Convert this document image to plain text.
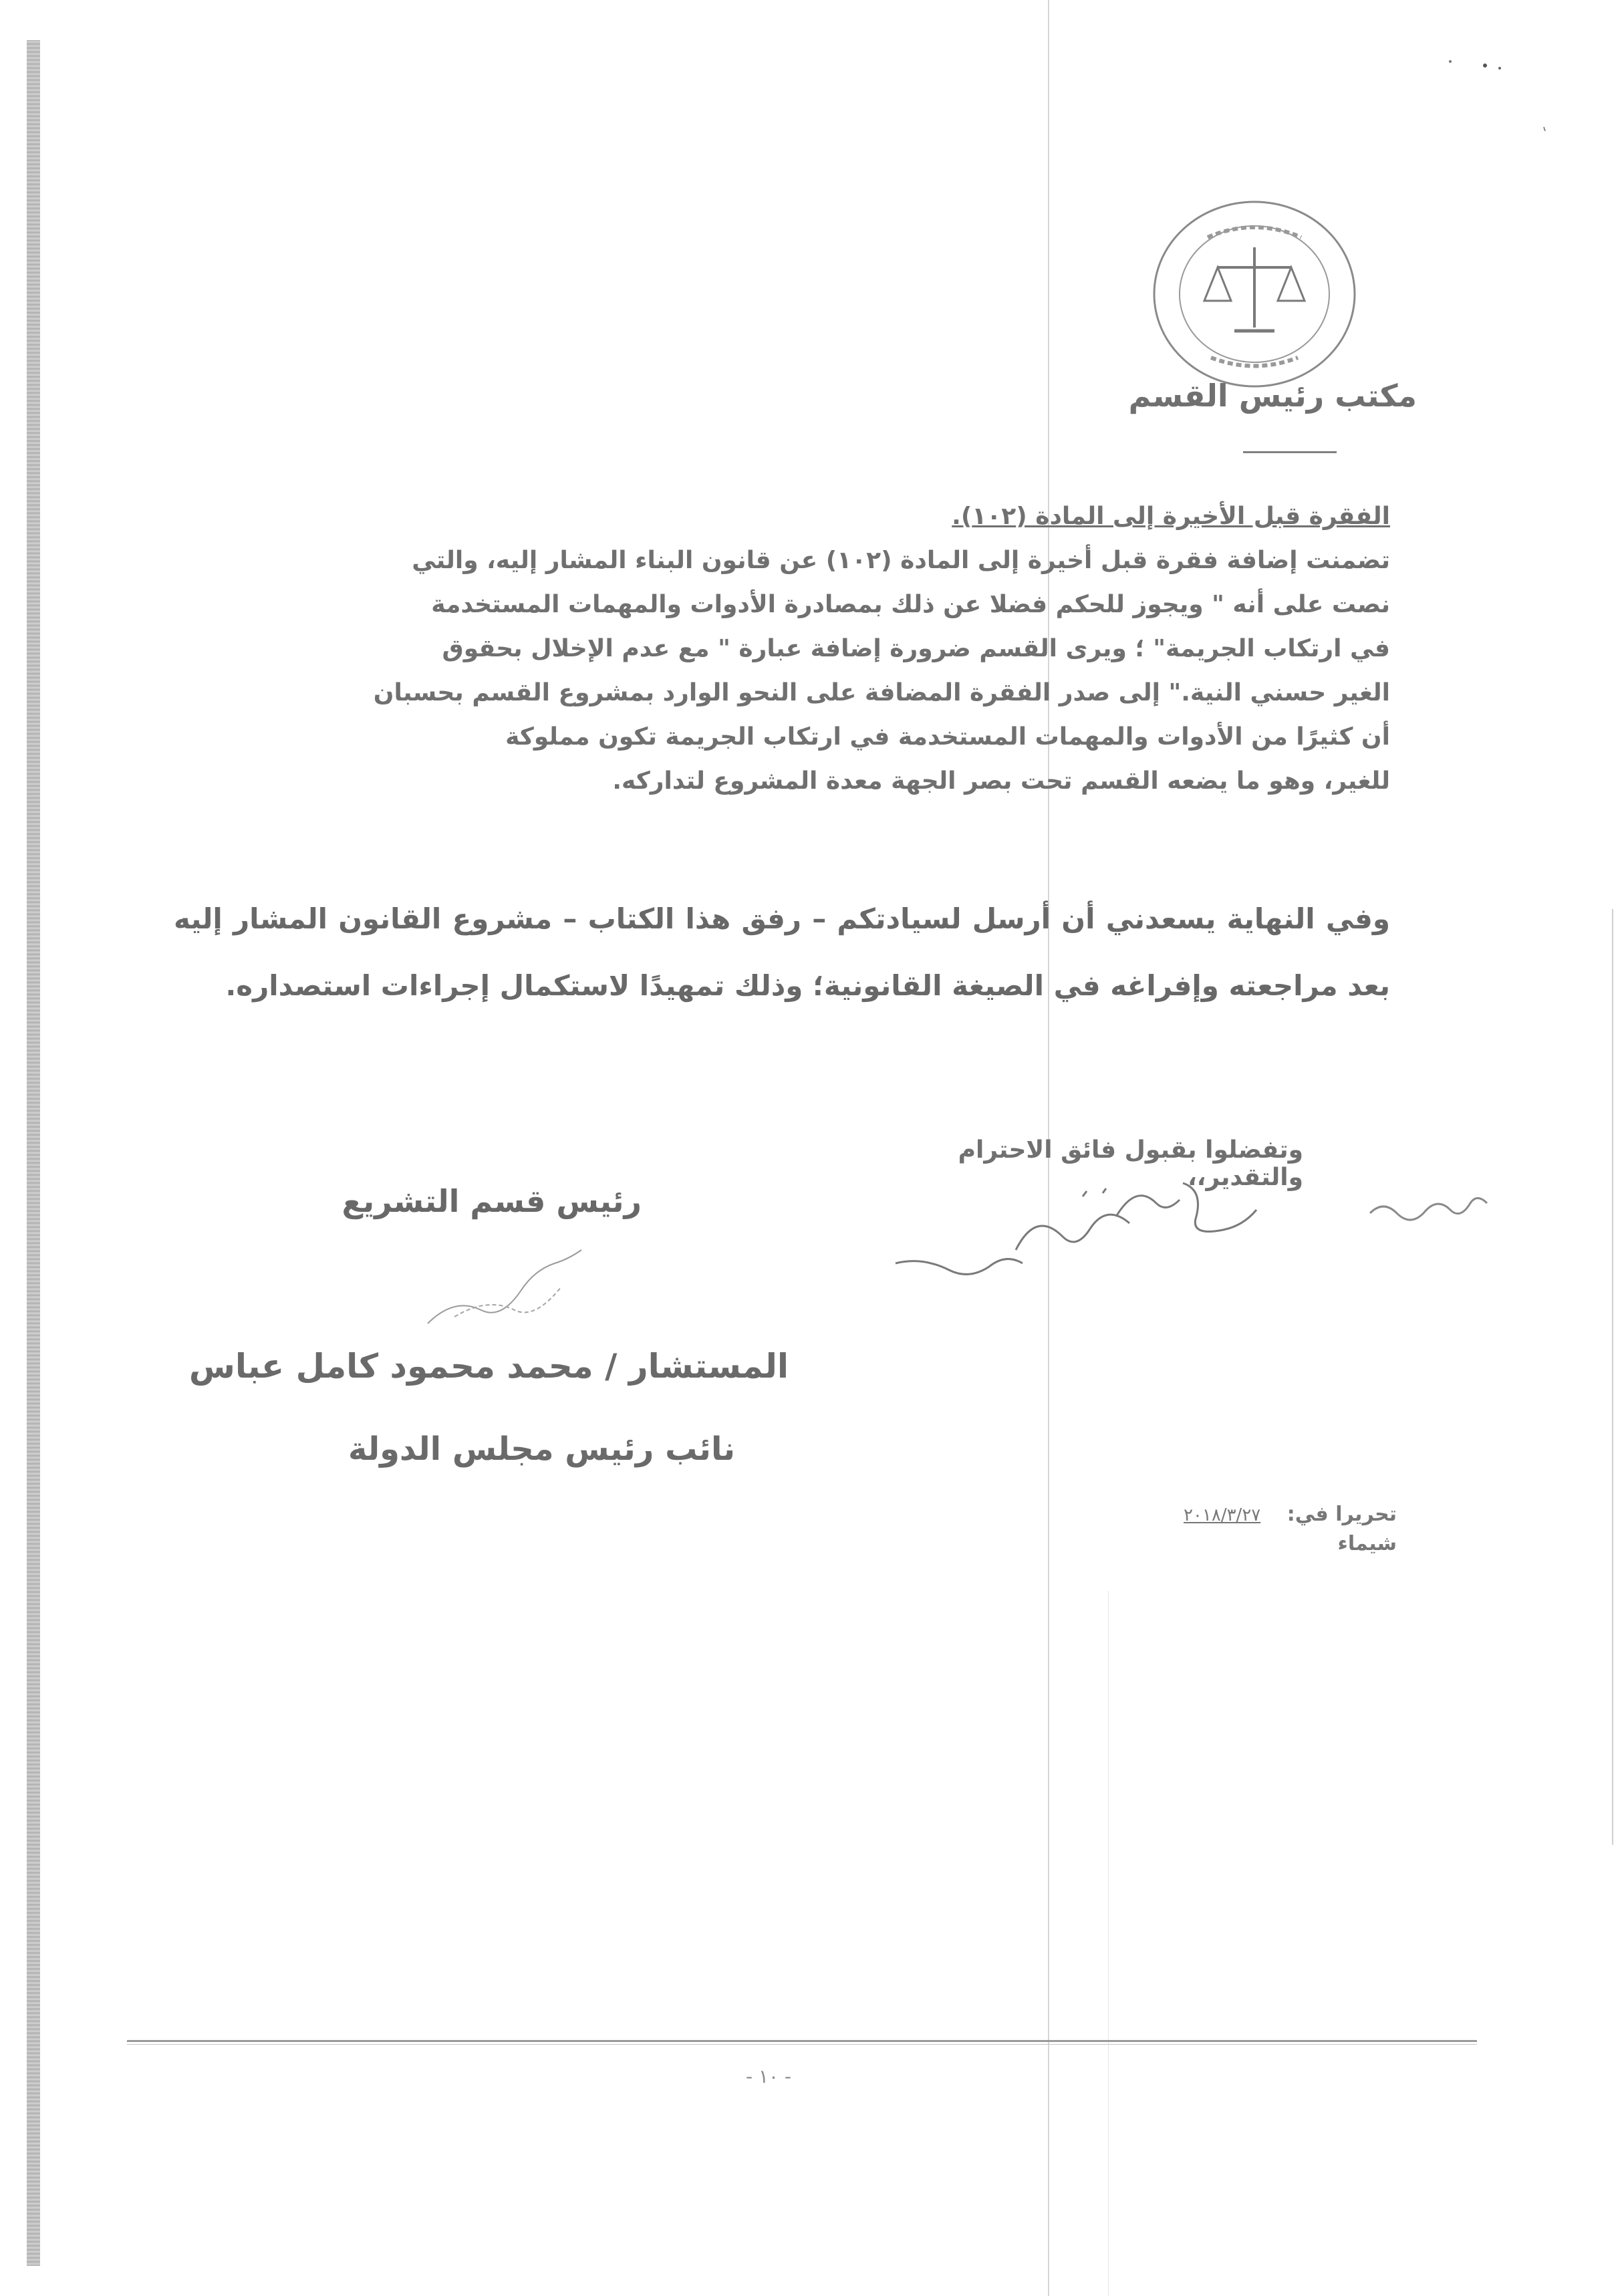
مكتب رئيس القسم

الفقرة قبل الأخيرة إلى المادة (١٠٢).

تضمنت إضافة فقرة قبل أخيرة إلى المادة (١٠٢) عن قانون البناء المشار إليه، والتي

نصت على أنه " ويجوز للحكم فضلا عن ذلك بمصادرة الأدوات والمهمات المستخدمة

في ارتكاب الجريمة" ؛ ويرى القسم ضرورة إضافة عبارة " مع عدم الإخلال بحقوق

الغير حسني النية." إلى صدر الفقرة المضافة على النحو الوارد بمشروع القسم بحسبان

أن كثيرًا من الأدوات والمهمات المستخدمة في ارتكاب الجريمة تكون مملوكة

للغير، وهو ما يضعه القسم تحت بصر الجهة معدة المشروع لتداركه.

وفي النهاية يسعدني أن أرسل لسيادتكم – رفق هذا الكتاب – مشروع القانون المشار إليه بعد مراجعته وإفراغه في الصيغة القانونية؛ وذلك تمهيدًا لاستكمال إجراءات استصداره.

وتفضلوا بقبول فائق الاحترام والتقدير،،
رئيس قسم التشريع
المستشار / محمد محمود كامل عباس
نائب رئيس مجلس الدولة
تحريرا في: ٢٠١٨/٣/٢٧
شيماء
- ١٠ -
